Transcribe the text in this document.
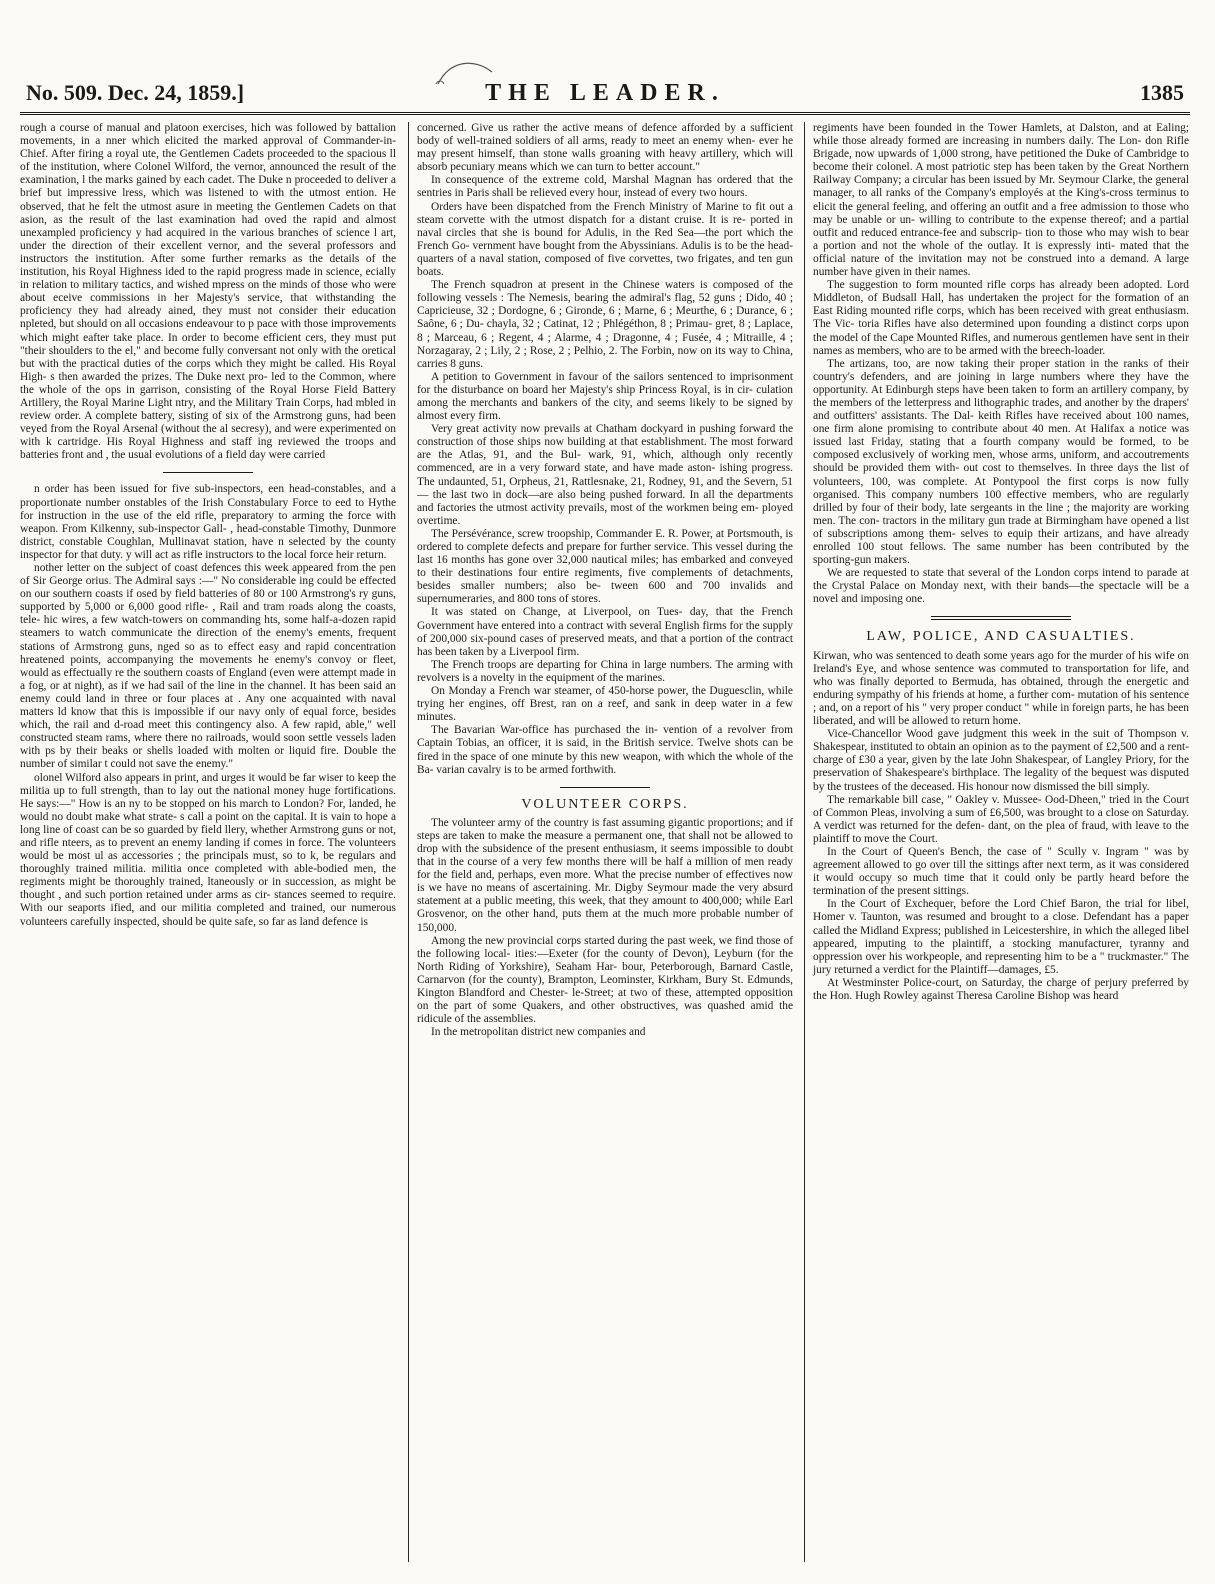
No. 509. Dec. 24, 1859.]	THE LEADER.	1385

rough a course of manual and platoon exercises, hich was followed by battalion movements, in a nner which elicited the marked approval of Commander-in-Chief. After firing a royal ute, the Gentlemen Cadets proceeded to the spacious ll of the institution, where Colonel Wilford, the vernor, announced the result of the examination, l the marks gained by each cadet. The Duke n proceeded to deliver a brief but impressive lress, which was listened to with the utmost ention. He observed, that he felt the utmost asure in meeting the Gentlemen Cadets on that asion, as the result of the last examination had oved the rapid and almost unexampled proficiency y had acquired in the various branches of science l art, under the direction of their excellent vernor, and the several professors and instructors the institution. After some further remarks as the details of the institution, his Royal Highness ided to the rapid progress made in science, ecially in relation to military tactics, and wished mpress on the minds of those who were about eceive commissions in her Majesty's service, that withstanding the proficiency they had already ained, they must not consider their education npleted, but should on all occasions endeavour to p pace with those improvements which might eafter take place. In order to become efficient cers, they must put "their shoulders to the el," and become fully conversant not only with the oretical but with the practical duties of the corps which they might be called. His Royal High- s then awarded the prizes. The Duke next pro- led to the Common, where the whole of the ops in garrison, consisting of the Royal Horse Field Battery Artillery, the Royal Marine Light ntry, and the Military Train Corps, had mbled in review order. A complete battery, sisting of six of the Armstrong guns, had been veyed from the Royal Arsenal (without the al secresy), and were experimented on with k cartridge. His Royal Highness and staff ing reviewed the troops and batteries front and , the usual evolutions of a field day were carried

n order has been issued for five sub-inspectors, een head-constables, and a proportionate number onstables of the Irish Constabulary Force to eed to Hythe for instruction in the use of the eld rifle, preparatory to arming the force with weapon. From Kilkenny, sub-inspector Gall- , head-constable Timothy, Dunmore district, constable Coughlan, Mullinavat station, have n selected by the county inspector for that duty. y will act as rifle instructors to the local force heir return.

nother letter on the subject of coast defences this week appeared from the pen of Sir George orius. The Admiral says :—" No considerable ing could be effected on our southern coasts if osed by field batteries of 80 or 100 Armstrong's ry guns, supported by 5,000 or 6,000 good rifle- , Rail and tram roads along the coasts, tele- hic wires, a few watch-towers on commanding hts, some half-a-dozen rapid steamers to watch communicate the direction of the enemy's ements, frequent stations of Armstrong guns, nged so as to effect easy and rapid concentration hreatened points, accompanying the movements he enemy's convoy or fleet, would as effectually re the southern coasts of England (even were attempt made in a fog, or at night), as if we had sail of the line in the channel. It has been said an enemy could land in three or four places at . Any one acquainted with naval matters ld know that this is impossible if our navy only of equal force, besides which, the rail and d-road meet this contingency also. A few rapid, able," well constructed steam rams, where there no railroads, would soon settle vessels laden with ps by their beaks or shells loaded with molten or liquid fire. Double the number of similar t could not save the enemy."

olonel Wilford also appears in print, and urges it would be far wiser to keep the militia up to full strength, than to lay out the national money huge fortifications. He says:—" How is an ny to be stopped on his march to London? For, landed, he would no doubt make what strate- s call a point on the capital. It is vain to hope a long line of coast can be so guarded by field llery, whether Armstrong guns or not, and rifle nteers, as to prevent an enemy landing if comes in force. The volunteers would be most ul as accessories ; the principals must, so to k, be regulars and thoroughly trained militia. militia once completed with able-bodied men, the regiments might be thoroughly trained, ltaneously or in succession, as might be thought , and such portion retained under arms as cir- stances seemed to require. With our seaports ified, and our militia completed and trained, our numerous volunteers carefully inspected, should be quite safe, so far as land defence is

concerned. Give us rather the active means of defence afforded by a sufficient body of well-trained soldiers of all arms, ready to meet an enemy when- ever he may present himself, than stone walls groaning with heavy artillery, which will absorb pecuniary means which we can turn to better account."

In consequence of the extreme cold, Marshal Magnan has ordered that the sentries in Paris shall be relieved every hour, instead of every two hours.

Orders have been dispatched from the French Ministry of Marine to fit out a steam corvette with the utmost dispatch for a distant cruise. It is re- ported in naval circles that she is bound for Adulis, in the Red Sea—the port which the French Go- vernment have bought from the Abyssinians. Adulis is to be the head-quarters of a naval station, composed of five corvettes, two frigates, and ten gun boats.

The French squadron at present in the Chinese waters is composed of the following vessels : The Nemesis, bearing the admiral's flag, 52 guns ; Dido, 40 ; Capricieuse, 32 ; Dordogne, 6 ; Gironde, 6 ; Marne, 6 ; Meurthe, 6 ; Durance, 6 ; Saône, 6 ; Du- chayla, 32 ; Catinat, 12 ; Phlégéthon, 8 ; Primau- gret, 8 ; Laplace, 8 ; Marceau, 6 ; Regent, 4 ; Alarme, 4 ; Dragonne, 4 ; Fusée, 4 ; Mitraille, 4 ; Norzagaray, 2 ; Lily, 2 ; Rose, 2 ; Pelhio, 2. The Forbin, now on its way to China, carries 8 guns.

A petition to Government in favour of the sailors sentenced to imprisonment for the disturbance on board her Majesty's ship Princess Royal, is in cir- culation among the merchants and bankers of the city, and seems likely to be signed by almost every firm.

Very great activity now prevails at Chatham dockyard in pushing forward the construction of those ships now building at that establishment. The most forward are the Atlas, 91, and the Bul- wark, 91, which, although only recently commenced, are in a very forward state, and have made aston- ishing progress. The undaunted, 51, Orpheus, 21, Rattlesnake, 21, Rodney, 91, and the Severn, 51— the last two in dock—are also being pushed forward. In all the departments and factories the utmost activity prevails, most of the workmen being em- ployed overtime.

The Persévérance, screw troopship, Commander E. R. Power, at Portsmouth, is ordered to complete defects and prepare for further service. This vessel during the last 16 months has gone over 32,000 nautical miles; has embarked and conveyed to their destinations four entire regiments, five complements of detachments, besides smaller numbers; also be- tween 600 and 700 invalids and supernumeraries, and 800 tons of stores.

It was stated on Change, at Liverpool, on Tues- day, that the French Government have entered into a contract with several English firms for the supply of 200,000 six-pound cases of preserved meats, and that a portion of the contract has been taken by a Liverpool firm.

The French troops are departing for China in large numbers. The arming with revolvers is a novelty in the equipment of the marines.

On Monday a French war steamer, of 450-horse power, the Duguesclin, while trying her engines, off Brest, ran on a reef, and sank in deep water in a few minutes.

The Bavarian War-office has purchased the in- vention of a revolver from Captain Tobias, an officer, it is said, in the British service. Twelve shots can be fired in the space of one minute by this new weapon, with which the whole of the Ba- varian cavalry is to be armed forthwith.

VOLUNTEER CORPS.

The volunteer army of the country is fast assuming gigantic proportions; and if steps are taken to make the measure a permanent one, that shall not be allowed to drop with the subsidence of the present enthusiasm, it seems impossible to doubt that in the course of a very few months there will be half a million of men ready for the field and, perhaps, even more. What the precise number of effectives now is we have no means of ascertaining. Mr. Digby Seymour made the very absurd statement at a public meeting, this week, that they amount to 400,000; while Earl Grosvenor, on the other hand, puts them at the much more probable number of 150,000.

Among the new provincial corps started during the past week, we find those of the following local- ities:—Exeter (for the county of Devon), Leyburn (for the North Riding of Yorkshire), Seaham Har- bour, Peterborough, Barnard Castle, Carnarvon (for the county), Brampton, Leominster, Kirkham, Bury St. Edmunds, Kington Blandford and Chester- le-Street; at two of these, attempted opposition on the part of some Quakers, and other obstructives, was quashed amid the ridicule of the assemblies.

In the metropolitan district new companies and

regiments have been founded in the Tower Hamlets, at Dalston, and at Ealing; while those already formed are increasing in numbers daily. The Lon- don Rifle Brigade, now upwards of 1,000 strong, have petitioned the Duke of Cambridge to become their colonel. A most patriotic step has been taken by the Great Northern Railway Company; a circular has been issued by Mr. Seymour Clarke, the general manager, to all ranks of the Company's employés at the King's-cross terminus to elicit the general feeling, and offering an outfit and a free admission to those who may be unable or un- willing to contribute to the expense thereof; and a partial outfit and reduced entrance-fee and subscrip- tion to those who may wish to bear a portion and not the whole of the outlay. It is expressly inti- mated that the official nature of the invitation may not be construed into a demand. A large number have given in their names.

The suggestion to form mounted rifle corps has already been adopted. Lord Middleton, of Budsall Hall, has undertaken the project for the formation of an East Riding mounted rifle corps, which has been received with great enthusiasm. The Vic- toria Rifles have also determined upon founding a distinct corps upon the model of the Cape Mounted Rifles, and numerous gentlemen have sent in their names as members, who are to be armed with the breech-loader.

The artizans, too, are now taking their proper station in the ranks of their country's defenders, and are joining in large numbers where they have the opportunity. At Edinburgh steps have been taken to form an artillery company, by the members of the letterpress and lithographic trades, and another by the drapers' and outfitters' assistants. The Dal- keith Rifles have received about 100 names, one firm alone promising to contribute about 40 men. At Halifax a notice was issued last Friday, stating that a fourth company would be formed, to be composed exclusively of working men, whose arms, uniform, and accoutrements should be provided them with- out cost to themselves. In three days the list of volunteers, 100, was complete. At Pontypool the first corps is now fully organised. This company numbers 100 effective members, who are regularly drilled by four of their body, late sergeants in the line ; the majority are working men. The con- tractors in the military gun trade at Birmingham have opened a list of subscriptions among them- selves to equip their artizans, and have already enrolled 100 stout fellows. The same number has been contributed by the sporting-gun makers.

We are requested to state that several of the London corps intend to parade at the Crystal Palace on Monday next, with their bands—the spectacle will be a novel and imposing one.

LAW, POLICE, AND CASUALTIES.

Kirwan, who was sentenced to death some years ago for the murder of his wife on Ireland's Eye, and whose sentence was commuted to transportation for life, and who was finally deported to Bermuda, has obtained, through the energetic and enduring sympathy of his friends at home, a further com- mutation of his sentence ; and, on a report of his " very proper conduct " while in foreign parts, he has been liberated, and will be allowed to return home.

Vice-Chancellor Wood gave judgment this week in the suit of Thompson v. Shakespear, instituted to obtain an opinion as to the payment of £2,500 and a rent-charge of £30 a year, given by the late John Shakespear, of Langley Priory, for the preservation of Shakespeare's birthplace. The legality of the bequest was disputed by the trustees of the deceased. His honour now dismissed the bill simply.

The remarkable bill case, " Oakley v. Mussee- Ood-Dheen," tried in the Court of Common Pleas, involving a sum of £6,500, was brought to a close on Saturday. A verdict was returned for the defen- dant, on the plea of fraud, with leave to the plaintiff to move the Court.

In the Court of Queen's Bench, the case of " Scully v. Ingram " was by agreement allowed to go over till the sittings after next term, as it was considered it would occupy so much time that it could only be partly heard before the termination of the present sittings.

In the Court of Exchequer, before the Lord Chief Baron, the trial for libel, Homer v. Taunton, was resumed and brought to a close. Defendant has a paper called the Midland Express; published in Leicestershire, in which the alleged libel appeared, imputing to the plaintiff, a stocking manufacturer, tyranny and oppression over his workpeople, and representing him to be a " truckmaster." The jury returned a verdict for the Plaintiff—damages, £5.

At Westminster Police-court, on Saturday, the charge of perjury preferred by the Hon. Hugh Rowley against Theresa Caroline Bishop was heard
